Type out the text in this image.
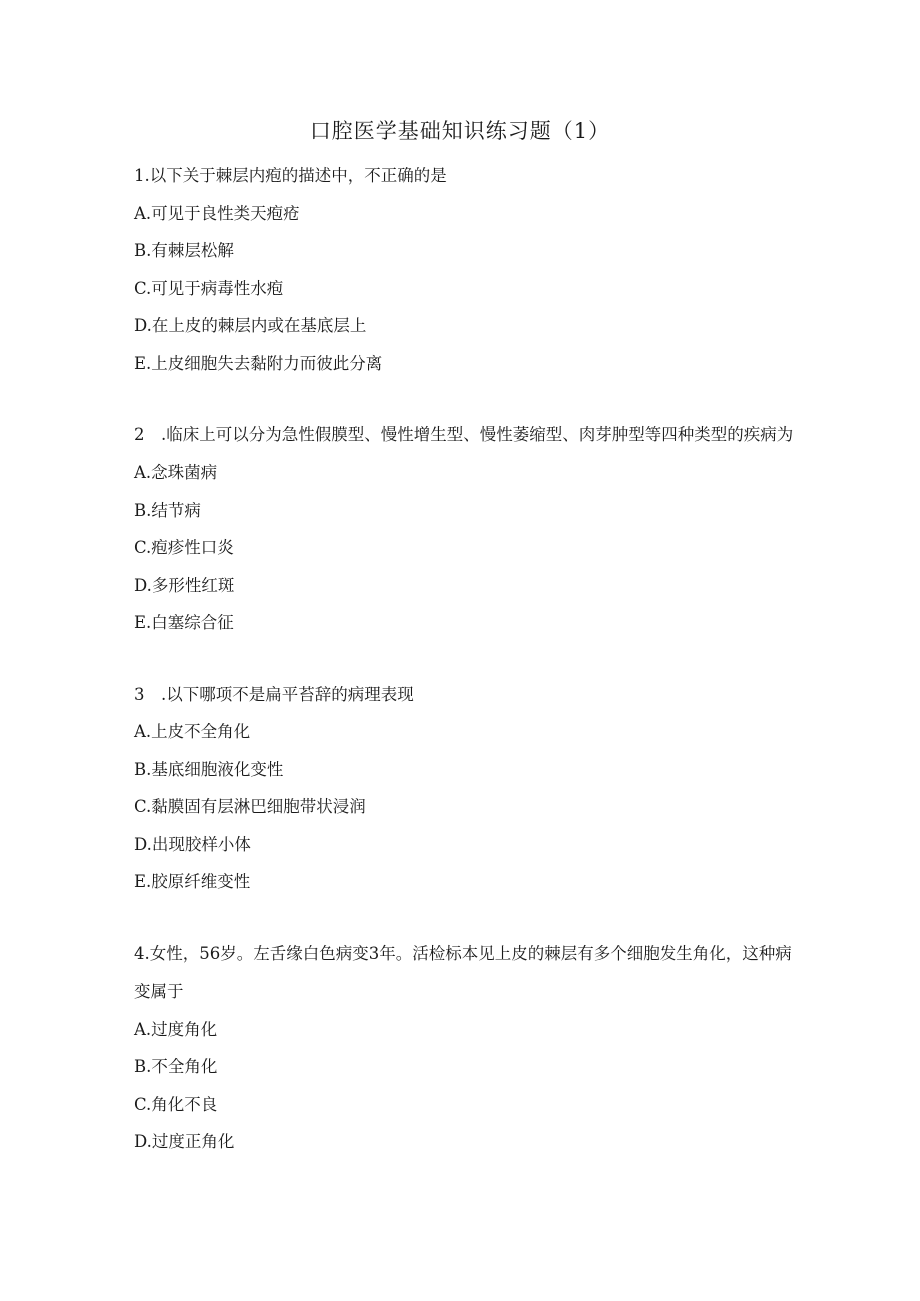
口腔医学基础知识练习题（1）

1.以下关于棘层内疱的描述中，不正确的是

A.可见于良性类天疱疮

B.有棘层松解

C.可见于病毒性水疱

D.在上皮的棘层内或在基底层上

E.上皮细胞失去黏附力而彼此分离

2　.临床上可以分为急性假膜型、慢性增生型、慢性萎缩型、肉芽肿型等四种类型的疾病为

A.念珠菌病

B.结节病

C.疱疹性口炎

D.多形性红斑

E.白塞综合征

3　.以下哪项不是扁平苔辞的病理表现

A.上皮不全角化

B.基底细胞液化变性

C.黏膜固有层淋巴细胞带状浸润

D.出现胶样小体

E.胶原纤维变性

4.女性，56岁。左舌缘白色病变3年。活检标本见上皮的棘层有多个细胞发生角化，这种病变属于

A.过度角化

B.不全角化

C.角化不良

D.过度正角化
